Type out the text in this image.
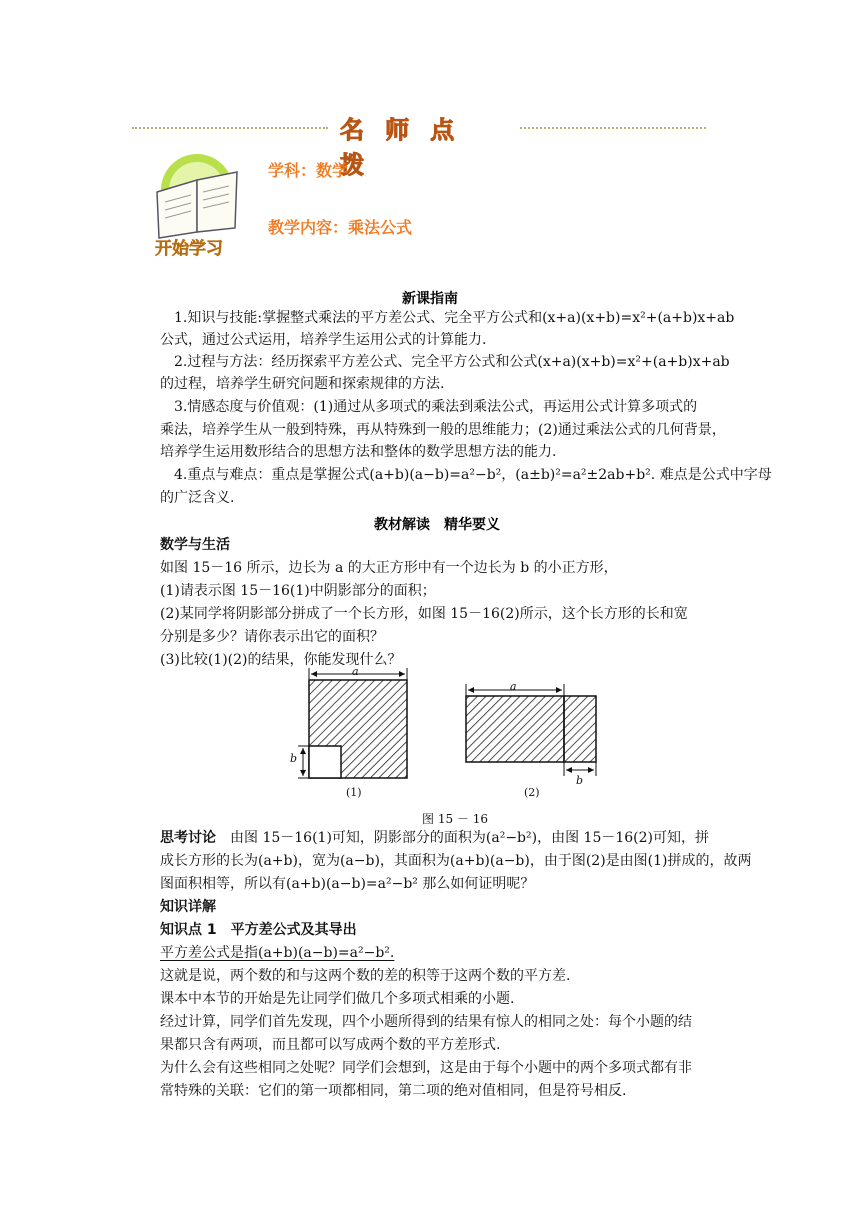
名 师 点 拨
开始学习
学科：数学
教学内容：乘法公式
新课指南
1.知识与技能:掌握整式乘法的平方差公式、完全平方公式和(x+a)(x+b)=x²+(a+b)x+ab
公式，通过公式运用，培养学生运用公式的计算能力.
2.过程与方法：经历探索平方差公式、完全平方公式和公式(x+a)(x+b)=x²+(a+b)x+ab
的过程，培养学生研究问题和探索规律的方法.
3.情感态度与价值观：(1)通过从多项式的乘法到乘法公式，再运用公式计算多项式的
乘法，培养学生从一般到特殊，再从特殊到一般的思维能力；(2)通过乘法公式的几何背景，
培养学生运用数形结合的思想方法和整体的数学思想方法的能力.
4.重点与难点：重点是掌握公式(a+b)(a−b)=a²−b²，(a±b)²=a²±2ab+b². 难点是公式中字母
的广泛含义.
教材解读　精华要义
数学与生活
如图 15－16 所示，边长为 a 的大正方形中有一个边长为 b 的小正方形，
(1)请表示图 15－16(1)中阴影部分的面积；
(2)某同学将阴影部分拼成了一个长方形，如图 15－16(2)所示，这个长方形的长和宽
分别是多少？请你表示出它的面积？
(3)比较(1)(2)的结果，你能发现什么？
a
b
a
b
(1)	(2)
图 15 － 16
思考讨论　由图 15－16(1)可知，阴影部分的面积为(a²−b²)，由图 15－16(2)可知，拼
成长方形的长为(a+b)，宽为(a−b)，其面积为(a+b)(a−b)，由于图(2)是由图(1)拼成的，故两
图面积相等，所以有(a+b)(a−b)=a²−b² 那么如何证明呢？
知识详解
知识点 1　平方差公式及其导出
平方差公式是指(a+b)(a−b)=a²−b².
这就是说，两个数的和与这两个数的差的积等于这两个数的平方差.
课本中本节的开始是先让同学们做几个多项式相乘的小题.
经过计算，同学们首先发现，四个小题所得到的结果有惊人的相同之处：每个小题的结
果都只含有两项，而且都可以写成两个数的平方差形式.
为什么会有这些相同之处呢？同学们会想到，这是由于每个小题中的两个多项式都有非
常特殊的关联：它们的第一项都相同，第二项的绝对值相同，但是符号相反.
